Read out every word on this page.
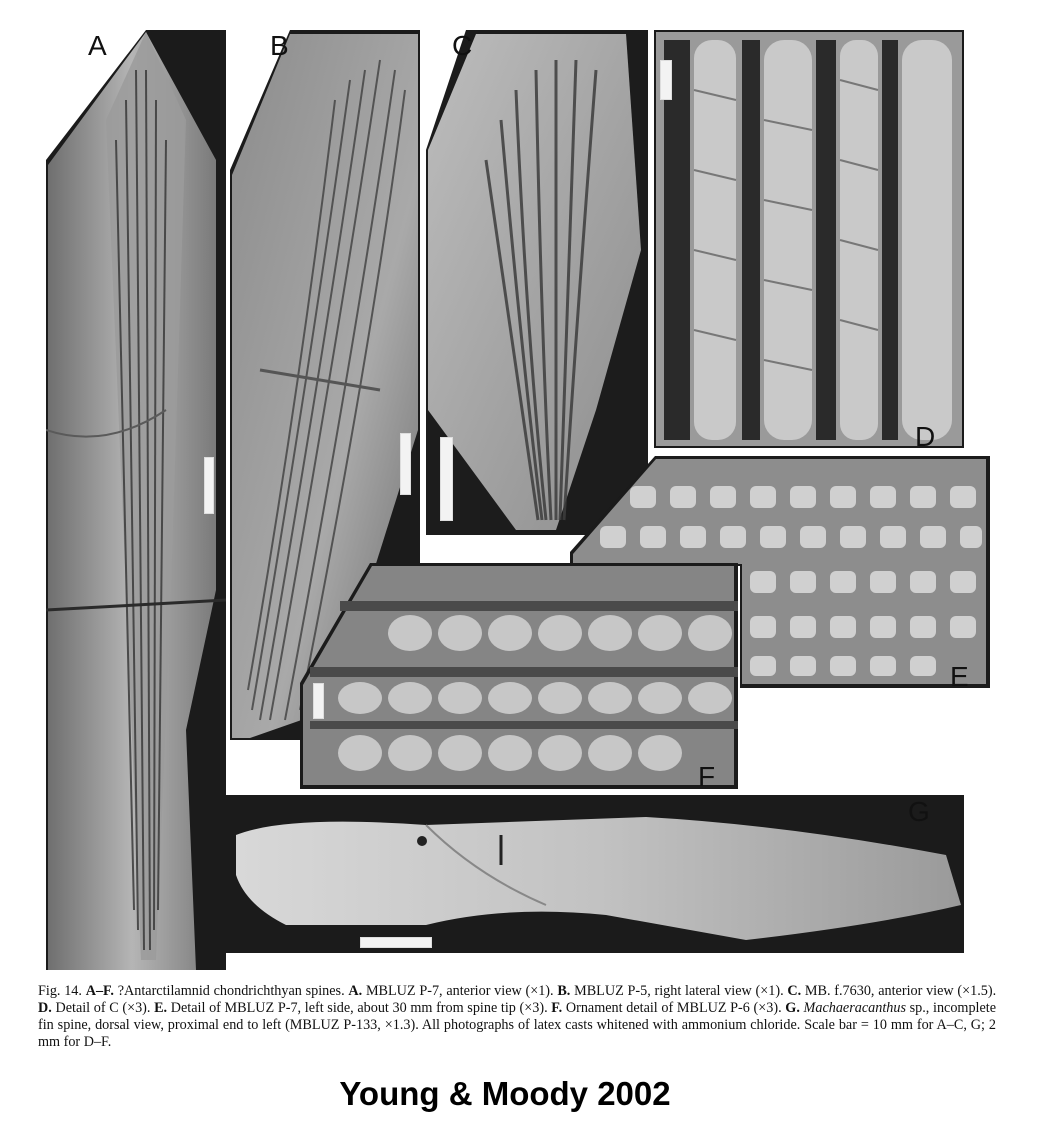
A	B	C
D
E
F
G
Fig. 14. A–F. ?Antarctilamnid chondrichthyan spines. A. MBLUZ P-7, anterior view (×1). B. MBLUZ P-5, right lateral view (×1). C. MB. f.7630, anterior view (×1.5). D. Detail of C (×3). E. Detail of MBLUZ P-7, left side, about 30 mm from spine tip (×3). F. Ornament detail of MBLUZ P-6 (×3). G. Machaeracanthus sp., incomplete fin spine, dorsal view, proximal end to left (MBLUZ P-133, ×1.3). All photographs of latex casts whitened with ammonium chloride. Scale bar = 10 mm for A–C, G; 2 mm for D–F.
Young & Moody 2002
